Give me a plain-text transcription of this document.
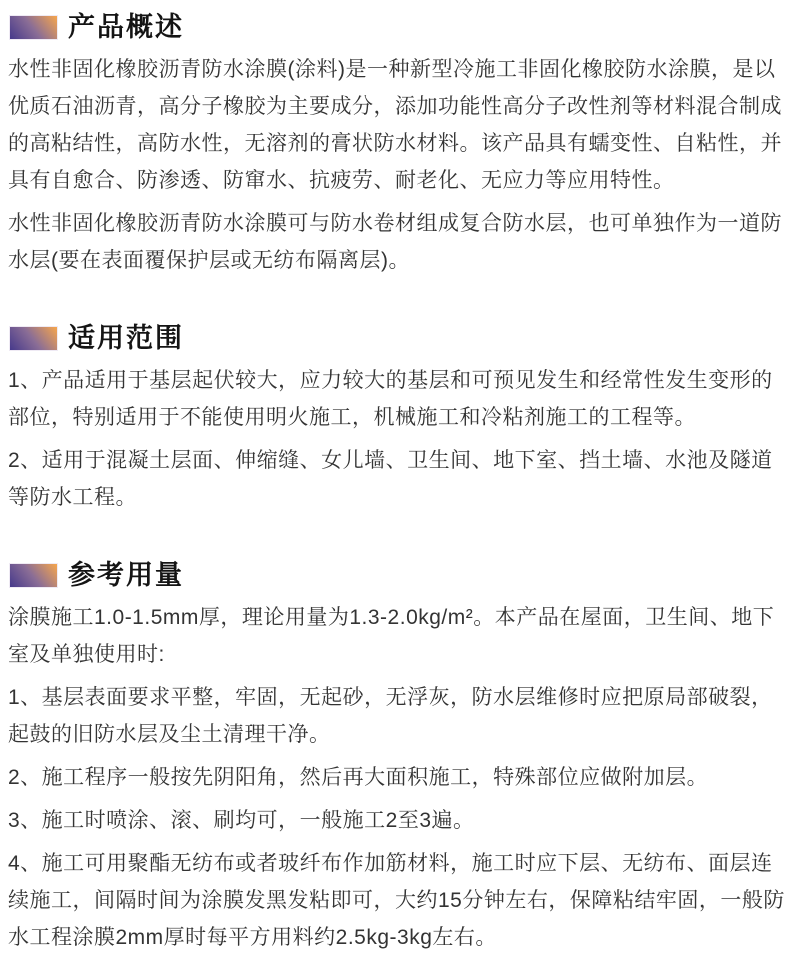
产品概述

水性非固化橡胶沥青防水涂膜(涂料)是一种新型冷施工非固化橡胶防水涂膜，是以优质石油沥青，高分子橡胶为主要成分，添加功能性高分子改性剂等材料混合制成的高粘结性，高防水性，无溶剂的膏状防水材料。该产品具有蠕变性、自粘性，并具有自愈合、防渗透、防窜水、抗疲劳、耐老化、无应力等应用特性。

水性非固化橡胶沥青防水涂膜可与防水卷材组成复合防水层，也可单独作为一道防水层(要在表面覆保护层或无纺布隔离层)。

适用范围

1、产品适用于基层起伏较大，应力较大的基层和可预见发生和经常性发生变形的部位，特别适用于不能使用明火施工，机械施工和冷粘剂施工的工程等。

2、适用于混凝土层面、伸缩缝、女儿墙、卫生间、地下室、挡土墙、水池及隧道等防水工程。

参考用量

涂膜施工1.0-1.5mm厚，理论用量为1.3-2.0kg/m²。本产品在屋面，卫生间、地下室及单独使用时:

1、基层表面要求平整，牢固，无起砂，无浮灰，防水层维修时应把原局部破裂，起鼓的旧防水层及尘土清理干净。

2、施工程序一般按先阴阳角，然后再大面积施工，特殊部位应做附加层。

3、施工时喷涂、滚、刷均可，一般施工2至3遍。

4、施工可用聚酯无纺布或者玻纤布作加筋材料，施工时应下层、无纺布、面层连续施工，间隔时间为涂膜发黑发粘即可，大约15分钟左右，保障粘结牢固，一般防水工程涂膜2mm厚时每平方用料约2.5kg-3kg左右。
